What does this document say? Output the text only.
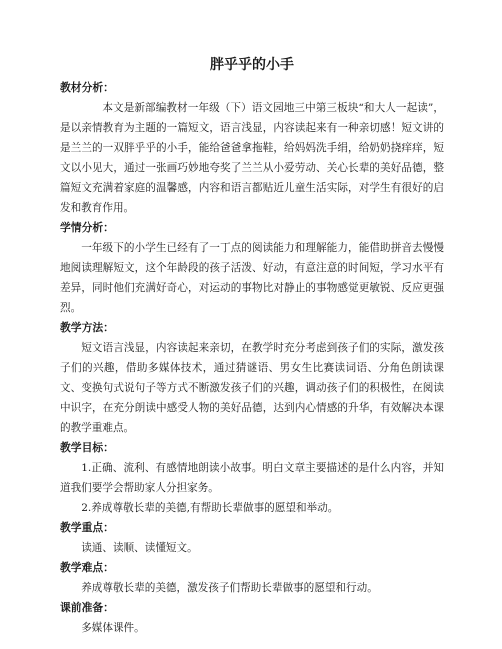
胖乎乎的小手
教材分析：

本文是新部编教材一年级（下）语文园地三中第三板块“和大人一起读”，是以亲情教育为主题的一篇短文，语言浅显，内容读起来有一种亲切感！短文讲的是兰兰的一双胖乎乎的小手，能给爸爸拿拖鞋，给妈妈洗手绢，给奶奶挠痒痒，短文以小见大，通过一张画巧妙地夸奖了兰兰从小爱劳动、关心长辈的美好品德，整篇短文充满着家庭的温馨感，内容和语言都贴近儿童生活实际，对学生有很好的启发和教育作用。

学情分析：

一年级下的小学生已经有了一丁点的阅读能力和理解能力，能借助拼音去慢慢地阅读理解短文，这个年龄段的孩子活泼、好动，有意注意的时间短，学习水平有差异，同时他们充满好奇心，对运动的事物比对静止的事物感觉更敏锐、反应更强烈。

教学方法：

短文语言浅显，内容读起来亲切，在教学时充分考虑到孩子们的实际，激发孩子们的兴趣，借助多媒体技术，通过猜谜语、男女生比赛读词语、分角色朗读课文、变换句式说句子等方式不断激发孩子们的兴趣，调动孩子们的积极性，在阅读中识字，在充分朗读中感受人物的美好品德，达到内心情感的升华，有效解决本课的教学重难点。

教学目标：

1.正确、流利、有感情地朗读小故事。明白文章主要描述的是什么内容，并知道我们要学会帮助家人分担家务。

2.养成尊敬长辈的美德,有帮助长辈做事的愿望和举动。

教学重点：

读通、读顺、读懂短文。

教学难点：

养成尊敬长辈的美德，激发孩子们帮助长辈做事的愿望和行动。

课前准备：

多媒体课件。
